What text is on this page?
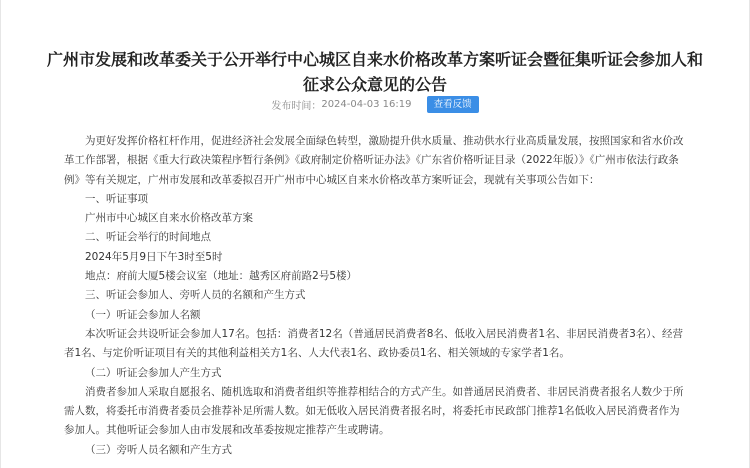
广州市发展和改革委关于公开举行中心城区自来水价格改革方案听证会暨征集听证会参加人和征求公众意见的公告
发布时间：2024-04-03 16:19 查看反馈

为更好发挥价格杠杆作用，促进经济社会发展全面绿色转型，激励提升供水质量、推动供水行业高质量发展，按照国家和省水价改革工作部署，根据《重大行政决策程序暂行条例》《政府制定价格听证办法》《广东省价格听证目录（2022年版）》《广州市依法行政条例》等有关规定，广州市发展和改革委拟召开广州市中心城区自来水价格改革方案听证会，现就有关事项公告如下：

一、听证事项

广州市中心城区自来水价格改革方案

二、听证会举行的时间地点

2024年5月9日下午3时至5时

地点：府前大厦5楼会议室（地址：越秀区府前路2号5楼）

三、听证会参加人、旁听人员的名额和产生方式

（一）听证会参加人名额

本次听证会共设听证会参加人17名。包括：消费者12名（普通居民消费者8名、低收入居民消费者1名、非居民消费者3名）、经营者1名、与定价听证项目有关的其他利益相关方1名、人大代表1名、政协委员1名、相关领域的专家学者1名。

（二）听证会参加人产生方式

消费者参加人采取自愿报名、随机选取和消费者组织等推荐相结合的方式产生。如普通居民消费者、非居民消费者报名人数少于所需人数，将委托市消费者委员会推荐补足所需人数。如无低收入居民消费者报名时，将委托市民政部门推荐1名低收入居民消费者作为参加人。其他听证会参加人由市发展和改革委按规定推荐产生或聘请。

（三）旁听人员名额和产生方式
